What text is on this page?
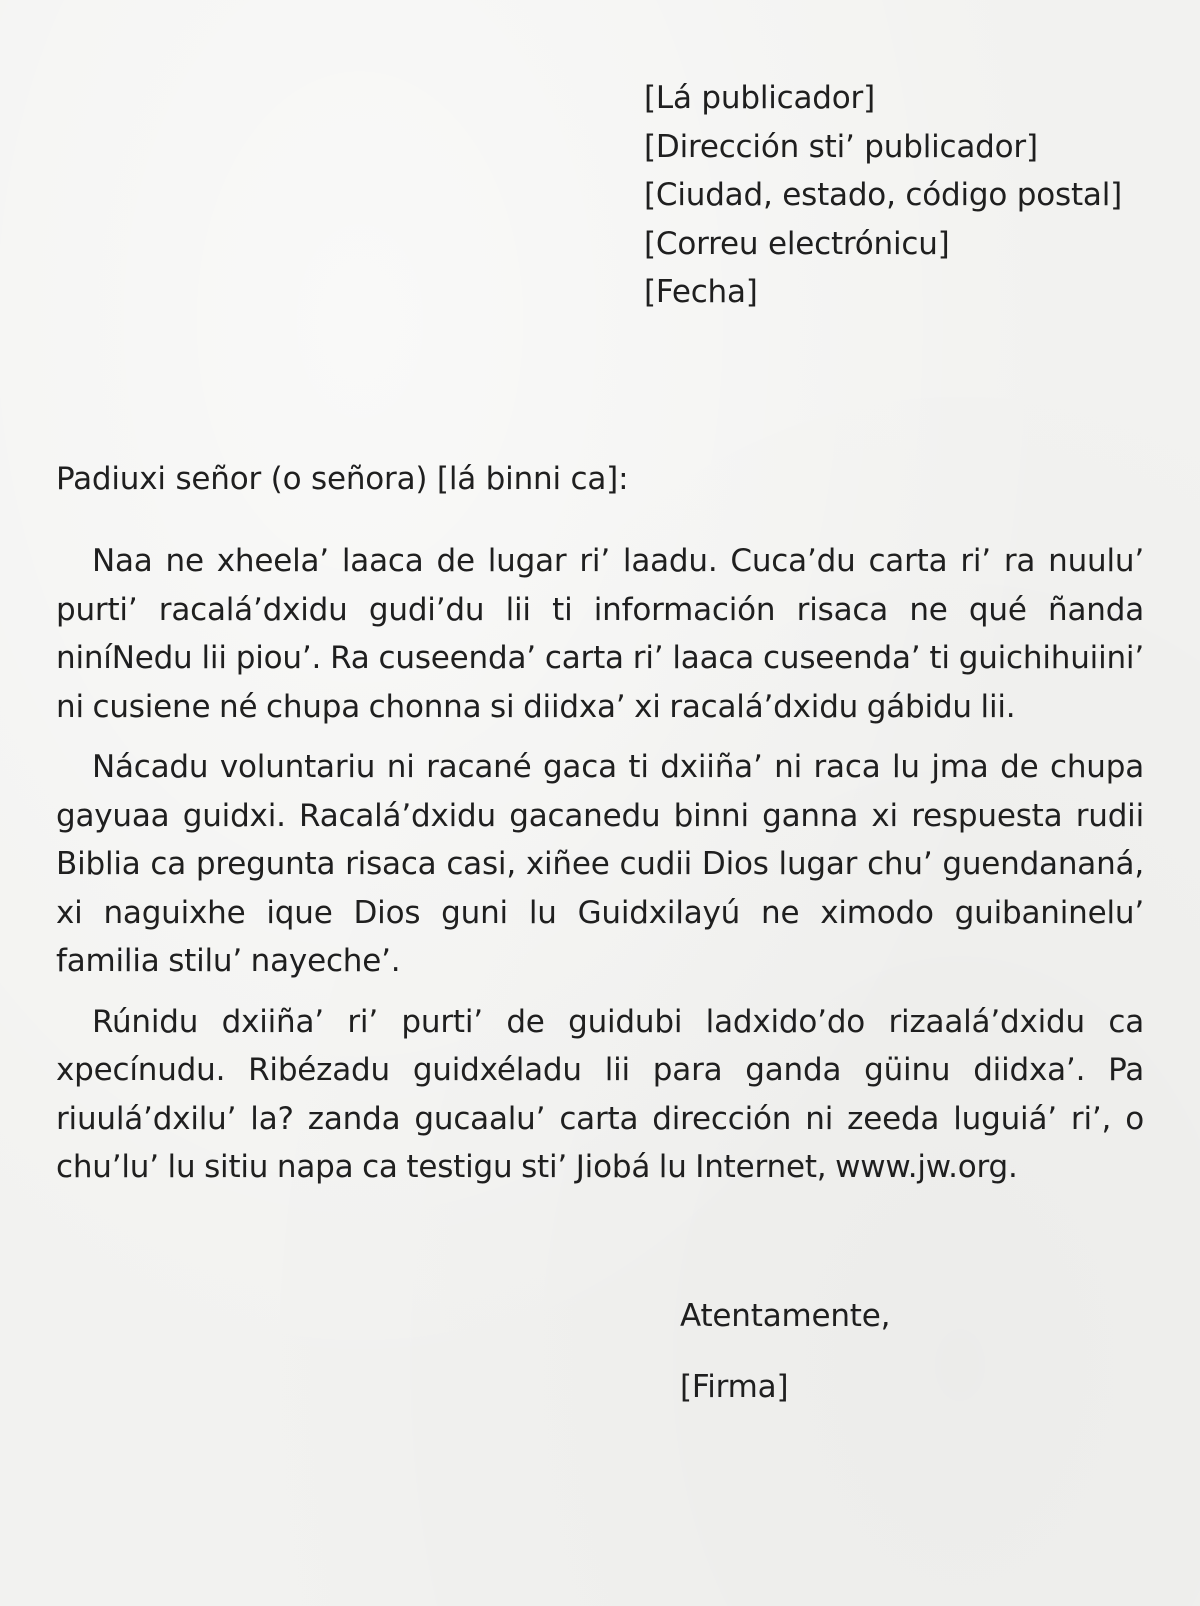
[Lá publicador]
[Dirección sti’ publicador]
[Ciudad, estado, código postal]
[Correu electrónicu]
[Fecha]
Padiuxi señor (o señora) [lá binni ca]:

Naa ne xheela’ laaca de lugar ri’ laadu. Cuca’du carta ri’ ra nuulu’ purti’ racalá’dxidu gudi’du lii ti información risaca ne qué ñanda niníNedu lii piou’. Ra cuseenda’ carta ri’ laaca cuseenda’ ti guichihuiini’ ni cusiene né chupa chonna si diidxa’ xi racalá’dxidu gábidu lii.

Nácadu voluntariu ni racané gaca ti dxiiña’ ni raca lu jma de chupa gayuaa guidxi. Racalá’dxidu gacanedu binni ganna xi respuesta rudii Biblia ca pregunta risaca casi, xiñee cudii Dios lugar chu’ guendananá, xi naguixhe ique Dios guni lu Guidxilayú ne ximodo guibaninelu’ familia stilu’ nayeche’.

Rúnidu dxiiña’ ri’ purti’ de guidubi ladxido’do rizaalá’dxidu ca xpecínudu. Ribézadu guidxéladu lii para ganda güinu diidxa’. Pa riuulá’dxilu’ la? zanda gucaalu’ carta dirección ni zeeda luguiá’ ri’, o chu’lu’ lu sitiu napa ca testigu sti’ Jiobá lu Internet, www.jw.org.

Atentamente,
[Firma]
